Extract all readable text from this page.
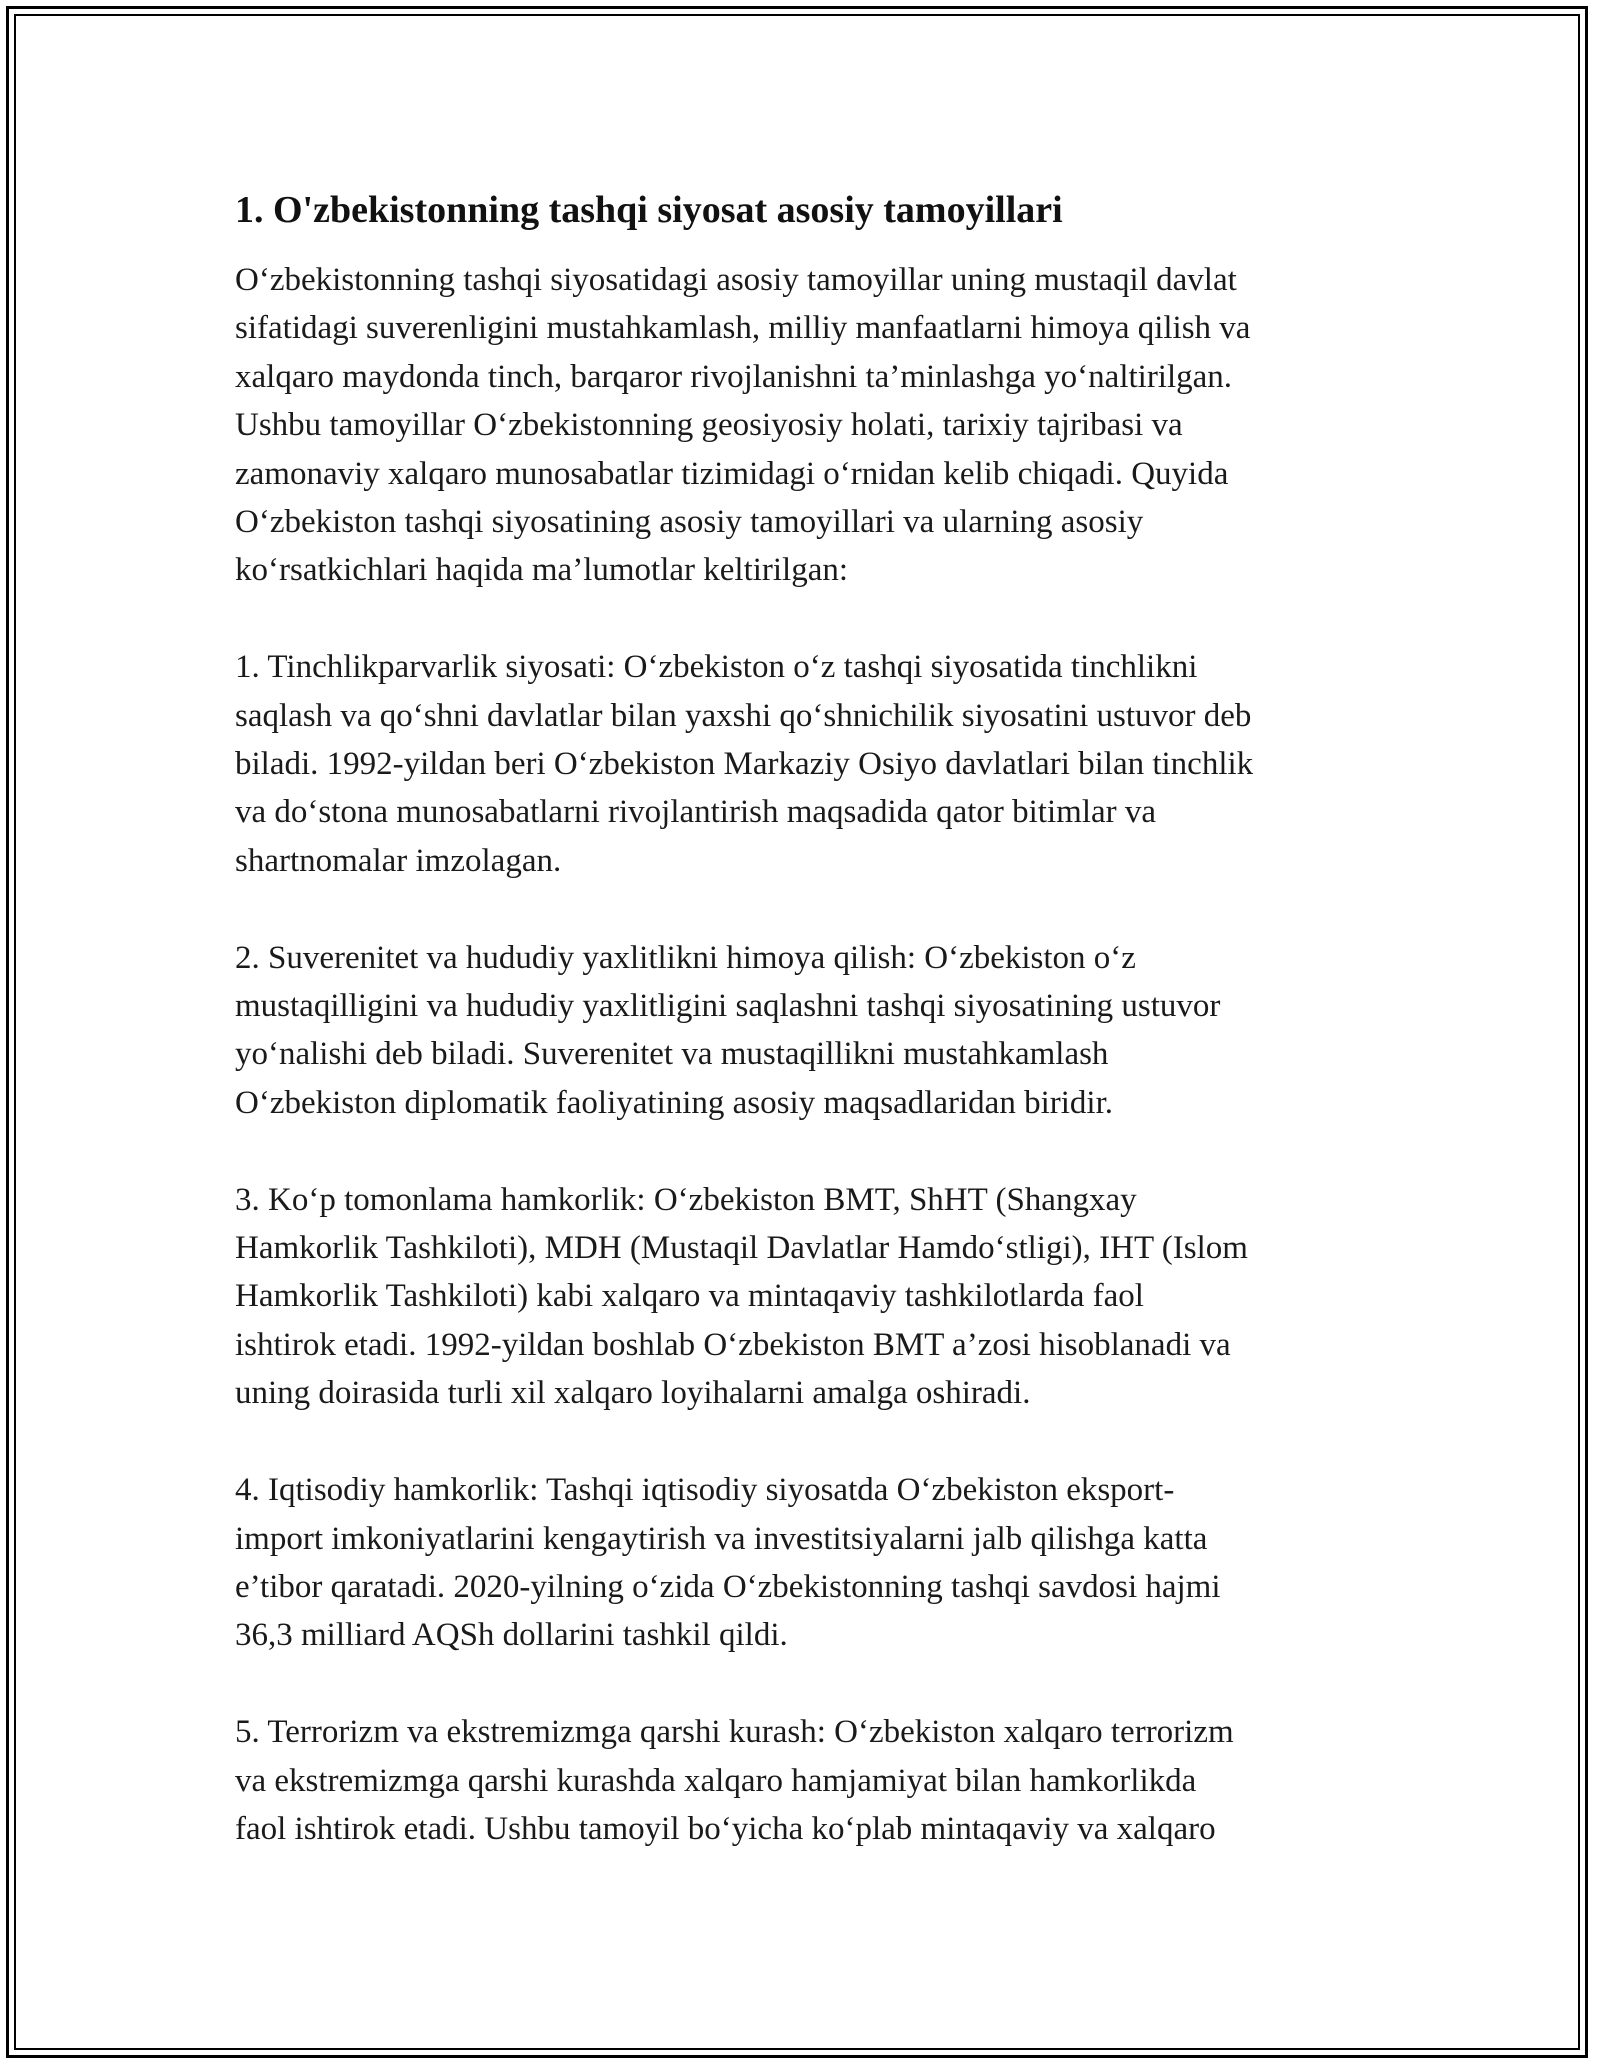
1. O'zbekistonning tashqi siyosat asosiy tamoyillari

O‘zbekistonning tashqi siyosatidagi asosiy tamoyillar uning mustaqil davlat
sifatidagi suverenligini mustahkamlash, milliy manfaatlarni himoya qilish va
xalqaro maydonda tinch, barqaror rivojlanishni ta’minlashga yo‘naltirilgan.
Ushbu tamoyillar O‘zbekistonning geosiyosiy holati, tarixiy tajribasi va
zamonaviy xalqaro munosabatlar tizimidagi o‘rnidan kelib chiqadi. Quyida
O‘zbekiston tashqi siyosatining asosiy tamoyillari va ularning asosiy
ko‘rsatkichlari haqida ma’lumotlar keltirilgan:

1. Tinchlikparvarlik siyosati: O‘zbekiston o‘z tashqi siyosatida tinchlikni
saqlash va qo‘shni davlatlar bilan yaxshi qo‘shnichilik siyosatini ustuvor deb
biladi. 1992-yildan beri O‘zbekiston Markaziy Osiyo davlatlari bilan tinchlik
va do‘stona munosabatlarni rivojlantirish maqsadida qator bitimlar va
shartnomalar imzolagan.

2. Suverenitet va hududiy yaxlitlikni himoya qilish: O‘zbekiston o‘z
mustaqilligini va hududiy yaxlitligini saqlashni tashqi siyosatining ustuvor
yo‘nalishi deb biladi. Suverenitet va mustaqillikni mustahkamlash
O‘zbekiston diplomatik faoliyatining asosiy maqsadlaridan biridir.

3. Ko‘p tomonlama hamkorlik: O‘zbekiston BMT, ShHT (Shangxay
Hamkorlik Tashkiloti), MDH (Mustaqil Davlatlar Hamdo‘stligi), IHT (Islom
Hamkorlik Tashkiloti) kabi xalqaro va mintaqaviy tashkilotlarda faol
ishtirok etadi. 1992-yildan boshlab O‘zbekiston BMT a’zosi hisoblanadi va
uning doirasida turli xil xalqaro loyihalarni amalga oshiradi.

4. Iqtisodiy hamkorlik: Tashqi iqtisodiy siyosatda O‘zbekiston eksport-
import imkoniyatlarini kengaytirish va investitsiyalarni jalb qilishga katta
e’tibor qaratadi. 2020-yilning o‘zida O‘zbekistonning tashqi savdosi hajmi
36,3 milliard AQSh dollarini tashkil qildi.

5. Terrorizm va ekstremizmga qarshi kurash: O‘zbekiston xalqaro terrorizm
va ekstremizmga qarshi kurashda xalqaro hamjamiyat bilan hamkorlikda
faol ishtirok etadi. Ushbu tamoyil bo‘yicha ko‘plab mintaqaviy va xalqaro
